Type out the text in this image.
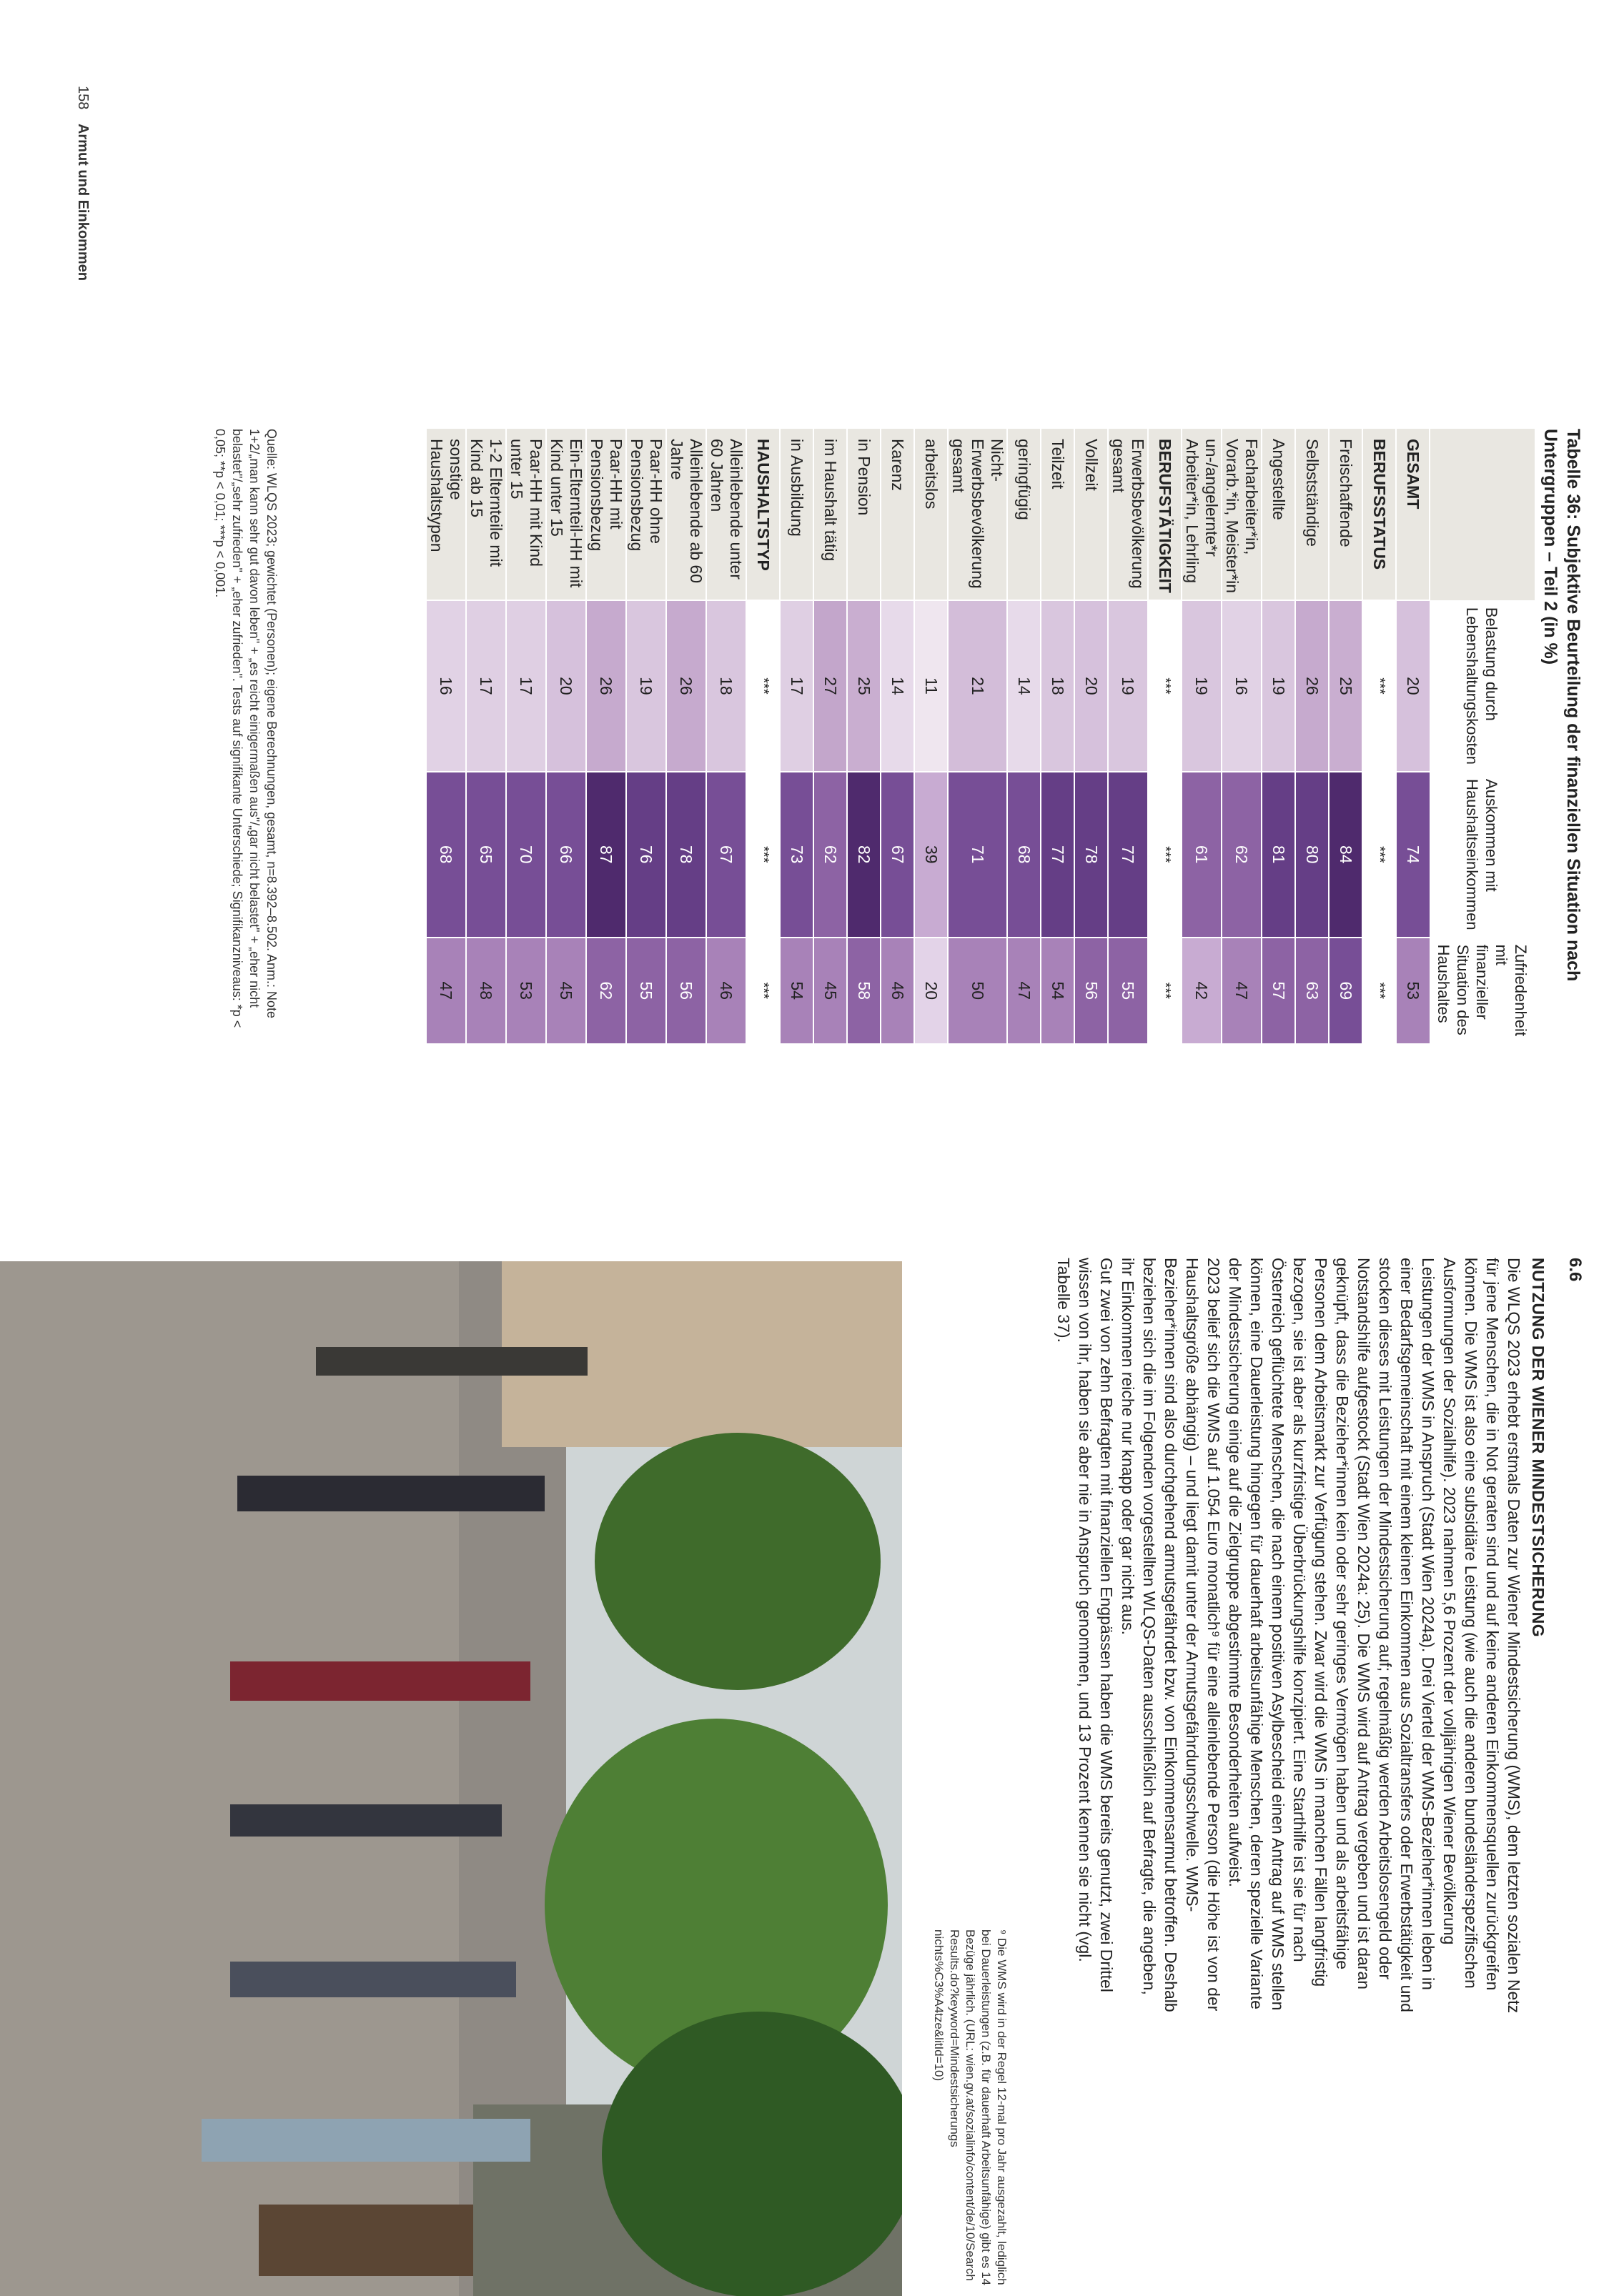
158 Armut und Einkommen
Tabelle 36: Subjektive Beurteilung der finanziellen Situation nach Untergruppen – Teil 2 (in %)
	Belastung durch Lebenshaltungskosten	Auskommen mit Haushaltseinkommen	Zufriedenheit mit finanzieller Situation des Haushaltes
GESAMT	20	74	53
BERUFSSTATUS	***	***	***
Freischaffende	25	84	69
Selbstständige	26	80	63
Angestellte	19	81	57
Facharbeiter*in, Vorarb.*in, Meister*in	16	62	47
un-/angelernte*r Arbeiter*in, Lehrling	19	61	42
BERUFSTÄTIGKEIT	***	***	***
Erwerbsbevölkerung gesamt	19	77	55
Vollzeit	20	78	56
Teilzeit	18	77	54
geringfügig	14	68	47
Nicht-Erwerbsbevölkerung gesamt	21	71	50
arbeitslos	11	39	20
Karenz	14	67	46
in Pension	25	82	58
im Haushalt tätig	27	62	45
in Ausbildung	17	73	54
HAUSHALTSTYP	***	***	***
Alleinlebende unter 60 Jahren	18	67	46
Alleinlebende ab 60 Jahre	26	78	56
Paar-HH ohne Pensionsbezug	19	76	55
Paar-HH mit Pensionsbezug	26	87	62
Ein-Elternteil-HH mit Kind unter 15	20	66	45
Paar-HH mit Kind unter 15	17	70	53
1-2 Elternteile mit Kind ab 15	17	65	48
sonstige Haushaltstypen	16	68	47
Quelle: WLQS 2023; gewichtet (Personen); eigene Berechnungen, gesamt, n=8.392–8.502. Anm.: Note 1+2/„man kann sehr gut davon leben" + „es reicht einigermaßen aus"/„gar nicht belastet" + „eher nicht belastet"/„sehr zufrieden" + „eher zufrieden". Tests auf signifikante Unterschiede; Signifikanzniveaus: *p < 0,05; **p < 0,01; ***p < 0,001.
6.6
NUTZUNG DER WIENER MINDESTSICHERUNG

Die WLQS 2023 erhebt erstmals Daten zur Wiener Mindestsicherung (WMS), dem letzten sozialen Netz für jene Menschen, die in Not geraten sind und auf keine anderen Einkommensquellen zurückgreifen können. Die WMS ist also eine subsidiäre Leistung (wie auch die anderen bundesländerspezifischen Ausformungen der Sozialhilfe). 2023 nahmen 5,6 Prozent der volljährigen Wiener Bevölkerung Leistungen der WMS in Anspruch (Stadt Wien 2024a). Drei Viertel der WMS-Bezieher*innen leben in einer Bedarfsgemeinschaft mit einem kleinen Einkommen aus Sozialtransfers oder Erwerbstätigkeit und stocken dieses mit Leistungen der Mindestsicherung auf; regelmäßig werden Arbeitslosengeld oder Notstandshilfe aufgestockt (Stadt Wien 2024a: 25). Die WMS wird auf Antrag vergeben und ist daran geknüpft, dass die Bezieher*innen kein oder sehr geringes Vermögen haben und als arbeitsfähige Personen dem Arbeitsmarkt zur Verfügung stehen. Zwar wird die WMS in manchen Fällen langfristig bezogen, sie ist aber als kurzfristige Überbrückungshilfe konzipiert. Eine Starthilfe ist sie für nach Österreich geflüchtete Menschen, die nach einem positiven Asylbescheid einen Antrag auf WMS stellen können, eine Dauerleistung hingegen für dauerhaft arbeitsunfähige Menschen, deren spezielle Variante der Mindestsicherung einige auf die Zielgruppe abgestimmte Besonderheiten aufweist.

2023 belief sich die WMS auf 1.054 Euro monatlich⁹ für eine alleinlebende Person (die Höhe ist von der Haushaltsgröße abhängig) – und liegt damit unter der Armutsgefährdungsschwelle. WMS-Bezieher*innen sind also durchgehend armutsgefährdet bzw. von Einkommensarmut betroffen. Deshalb beziehen sich die im Folgenden vorgestellten WLQS-Daten ausschließlich auf Befragte, die angeben, ihr Einkommen reiche nur knapp oder gar nicht aus.

Gut zwei von zehn Befragten mit finanziellen Engpässen haben die WMS bereits genutzt, zwei Drittel wissen von ihr, haben sie aber nie in Anspruch genommen, und 13 Prozent kennen sie nicht (vgl. Tabelle 37).

⁹ Die WMS wird in der Regel 12-mal pro Jahr ausgezahlt, lediglich bei Dauerleistungen (z.B. für dauerhaft Arbeitsunfähige) gibt es 14 Bezüge jährlich. (URL: wien.gv.at/sozialinfo/content/de/10/Search Results.do?keyword=Mindestsicherungs nichts%C3%A4tze&litId=10)
